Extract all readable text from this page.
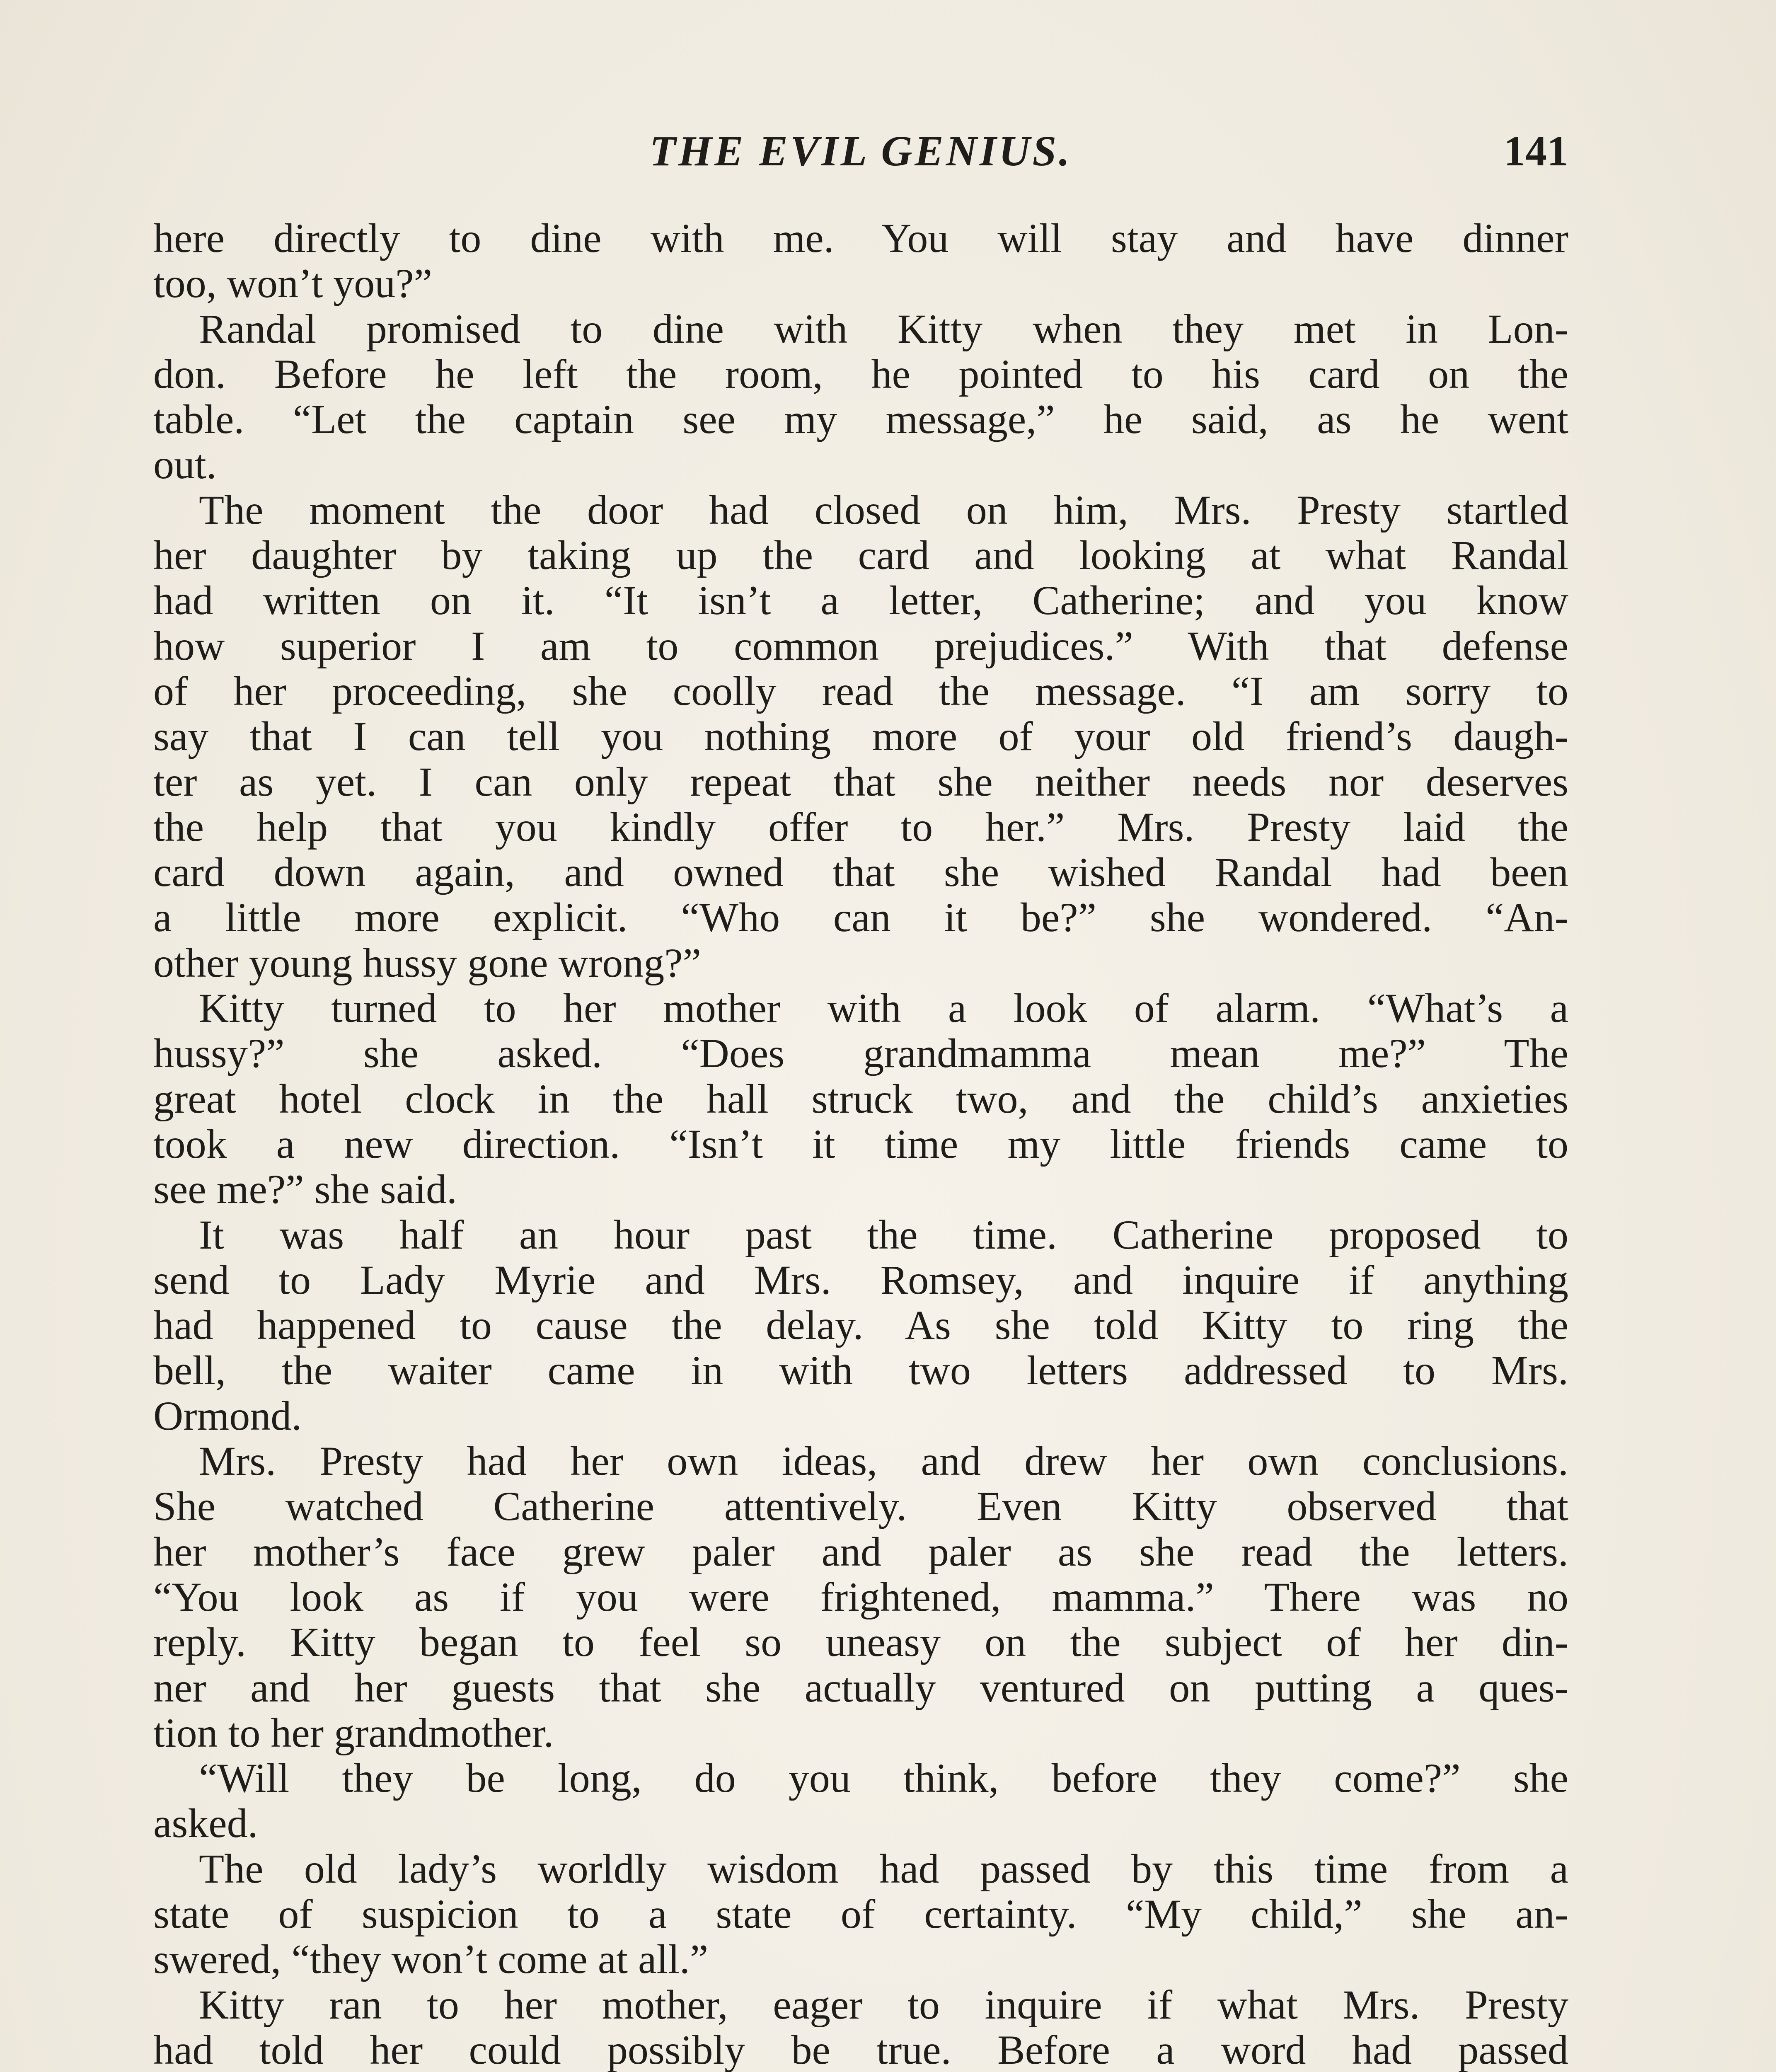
THE EVIL GENIUS.	141
here directly to dine with me. You will stay and have dinner
too, won’t you?”
Randal promised to dine with Kitty when they met in Lon-
don. Before he left the room, he pointed to his card on the
table. “Let the captain see my message,” he said, as he went
out.
The moment the door had closed on him, Mrs. Presty startled
her daughter by taking up the card and looking at what Randal
had written on it. “It isn’t a letter, Catherine; and you know
how superior I am to common prejudices.” With that defense
of her proceeding, she coolly read the message. “I am sorry to
say that I can tell you nothing more of your old friend’s daugh-
ter as yet. I can only repeat that she neither needs nor deserves
the help that you kindly offer to her.” Mrs. Presty laid the
card down again, and owned that she wished Randal had been
a little more explicit. “Who can it be?” she wondered. “An-
other young hussy gone wrong?”
Kitty turned to her mother with a look of alarm. “What’s a
hussy?” she asked. “Does grandmamma mean me?” The
great hotel clock in the hall struck two, and the child’s anxieties
took a new direction. “Isn’t it time my little friends came to
see me?” she said.
It was half an hour past the time. Catherine proposed to
send to Lady Myrie and Mrs. Romsey, and inquire if anything
had happened to cause the delay. As she told Kitty to ring the
bell, the waiter came in with two letters addressed to Mrs.
Ormond.
Mrs. Presty had her own ideas, and drew her own conclusions.
She watched Catherine attentively. Even Kitty observed that
her mother’s face grew paler and paler as she read the letters.
“You look as if you were frightened, mamma.” There was no
reply. Kitty began to feel so uneasy on the subject of her din-
ner and her guests that she actually ventured on putting a ques-
tion to her grandmother.
“Will they be long, do you think, before they come?” she
asked.
The old lady’s worldly wisdom had passed by this time from a
state of suspicion to a state of certainty. “My child,” she an-
swered, “they won’t come at all.”
Kitty ran to her mother, eager to inquire if what Mrs. Presty
had told her could possibly be true. Before a word had passed
